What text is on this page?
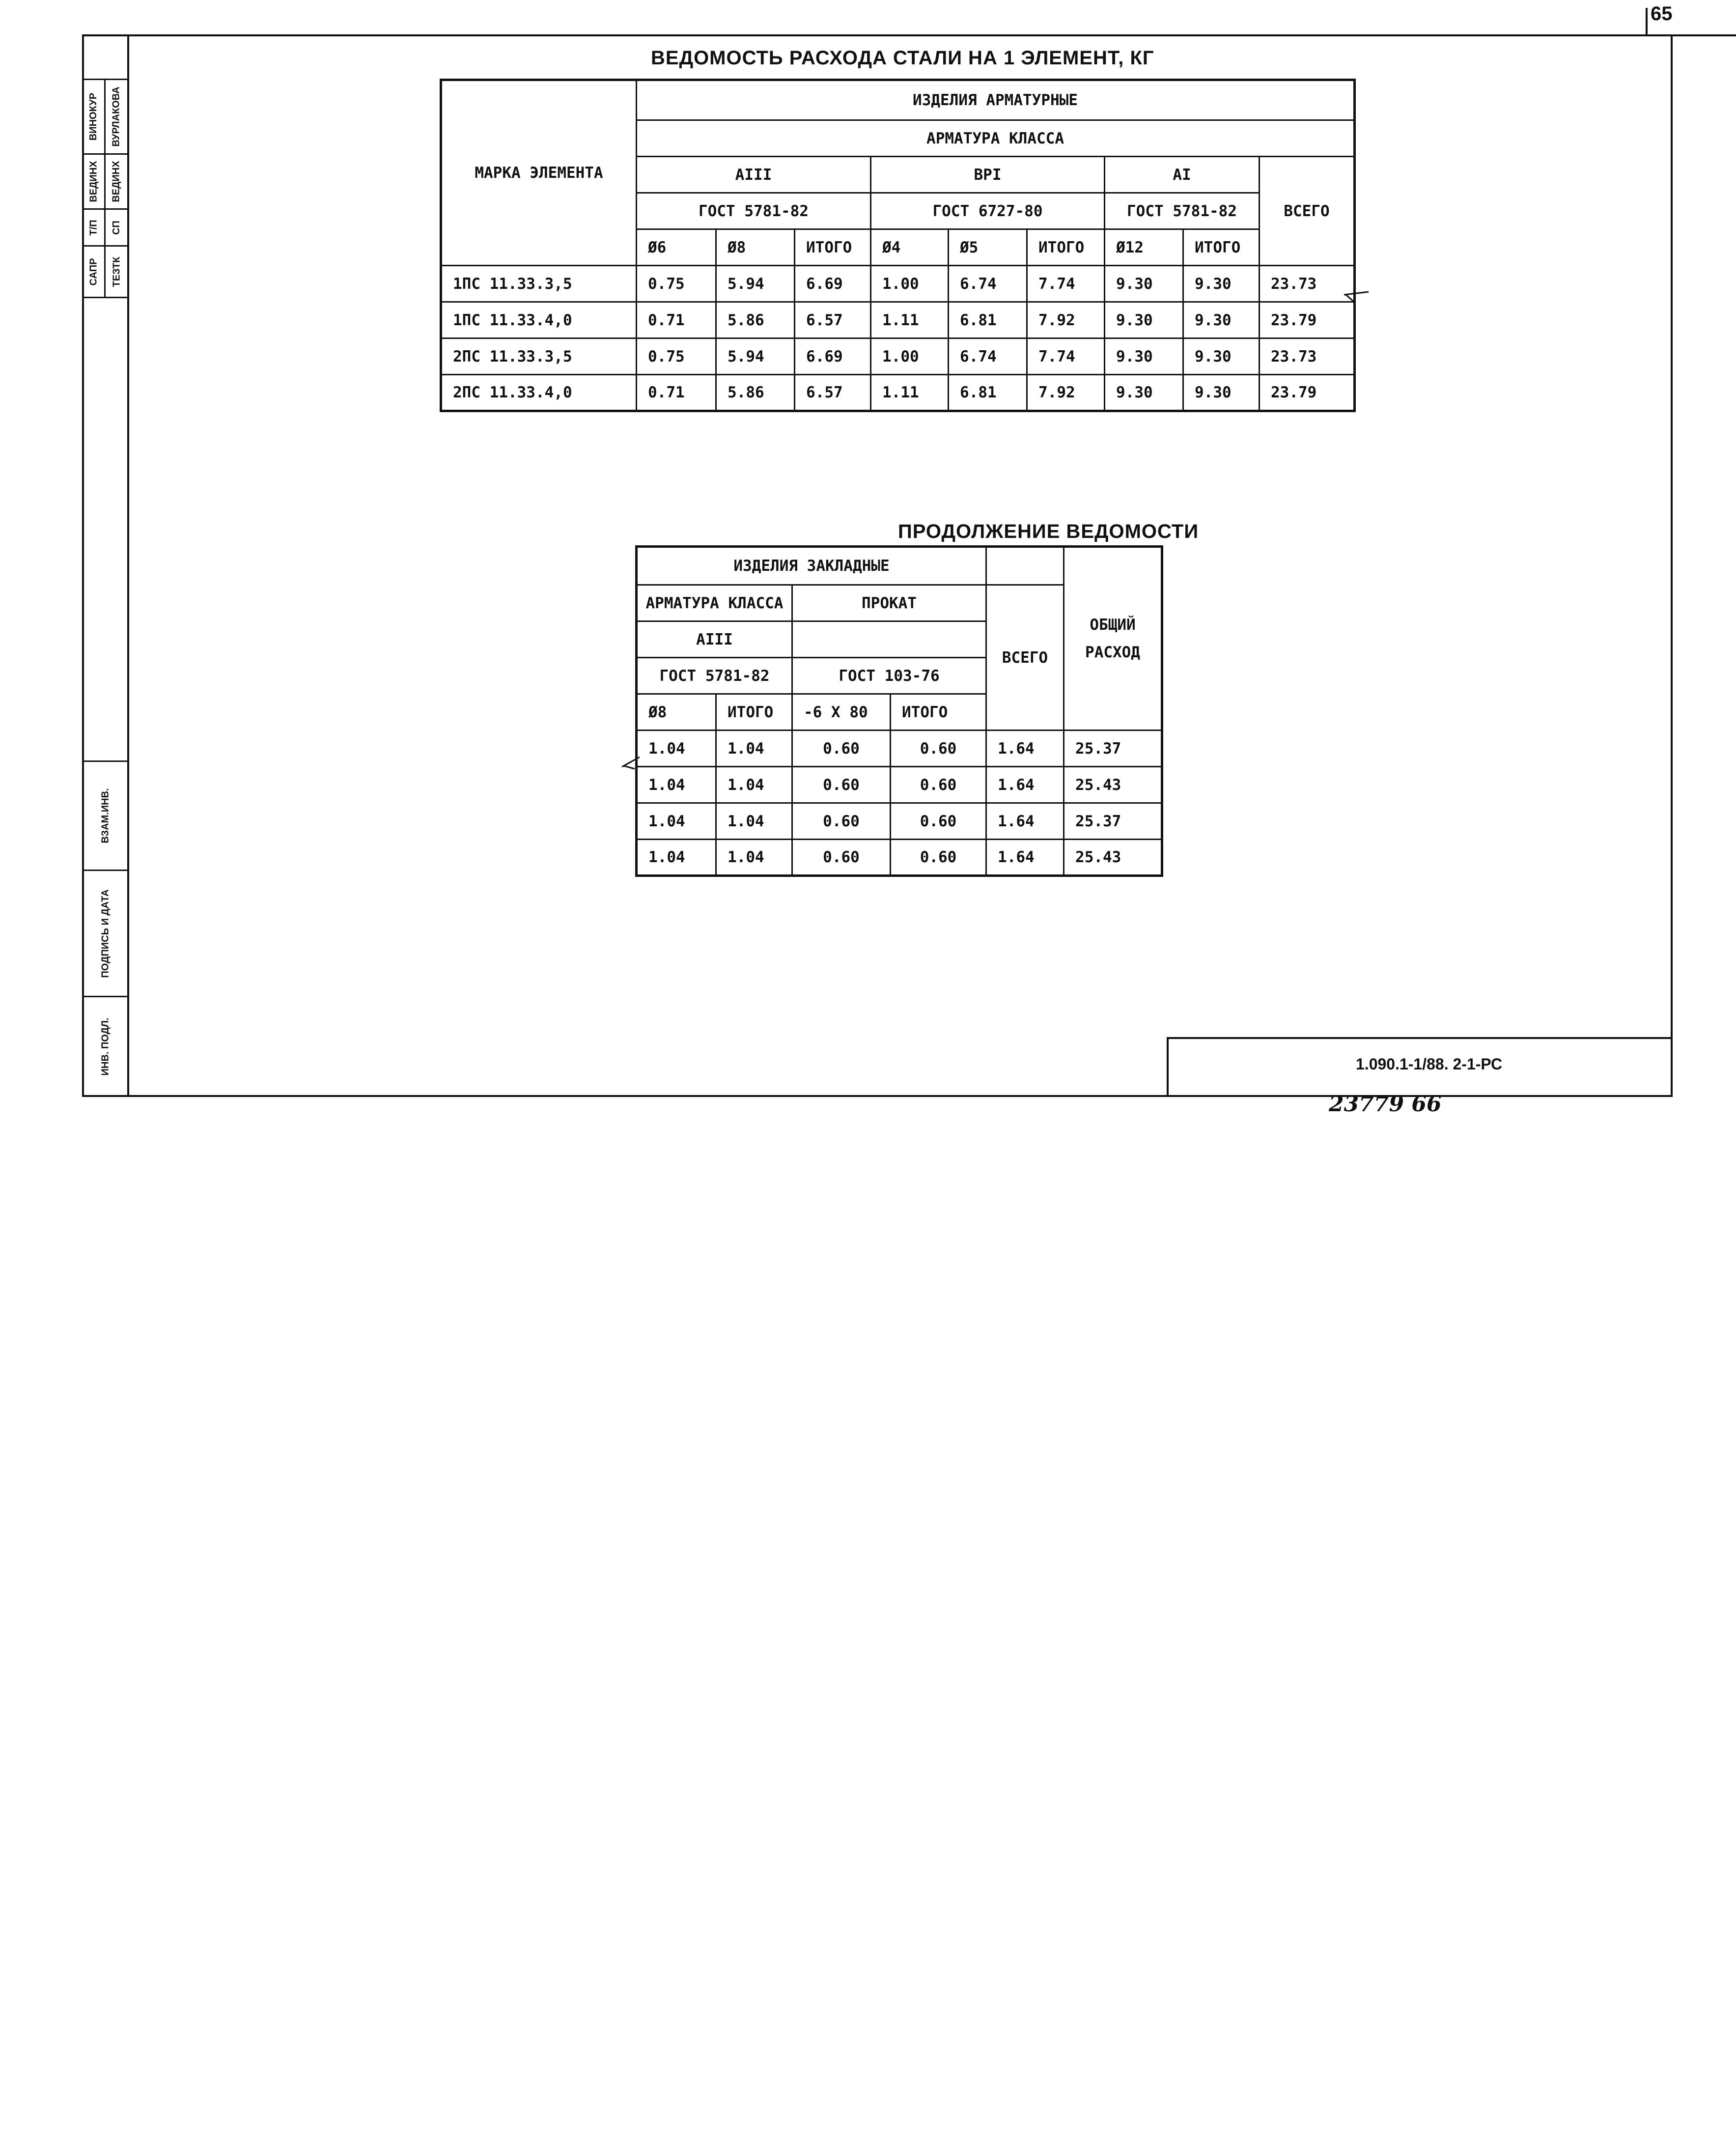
65
ВИНОКУР ВУРЛАКОВА
ВЕДИНХ ВЕДИНХ
Т/П СП
САПР ТЕЗТК
ВЗАМ.ИНВ.
ПОДПИСЬ И ДАТА
ИНВ. ПОДЛ.
ВЕДОМОСТЬ РАСХОДА СТАЛИ НА 1 ЭЛЕМЕНТ, КГ
МАРКА ЭЛЕМЕНТА	ИЗДЕЛИЯ АРМАТУРНЫЕ								
	АРМАТУРА КЛАССА								
	AIII			ВРI			AI		ВСЕГО
	ГОСТ 5781-82			ГОСТ 6727-80			ГОСТ 5781-82		
	Ø6	Ø8	ИТОГО	Ø4	Ø5	ИТОГО	Ø12	ИТОГО	
1ПС 11.33.3,5	0.75	5.94	6.69	1.00	6.74	7.74	9.30	9.30	23.73
1ПС 11.33.4,0	0.71	5.86	6.57	1.11	6.81	7.92	9.30	9.30	23.79
2ПС 11.33.3,5	0.75	5.94	6.69	1.00	6.74	7.74	9.30	9.30	23.73
2ПС 11.33.4,0	0.71	5.86	6.57	1.11	6.81	7.92	9.30	9.30	23.79
ПРОДОЛЖЕНИЕ ВЕДОМОСТИ
ИЗДЕЛИЯ ЗАКЛАДНЫЕ					ОБЩИЙ РАСХОД
АРМАТУРА КЛАССА		ПРОКАТ		ВСЕГО	
AIII					
ГОСТ 5781-82		ГОСТ 103-76			
Ø8	ИТОГО	-6 X 80	ИТОГО		
1.04	1.04	0.60	0.60	1.64	25.37
1.04	1.04	0.60	0.60	1.64	25.43
1.04	1.04	0.60	0.60	1.64	25.37
1.04	1.04	0.60	0.60	1.64	25.43
1.090.1-1/88. 2-1-РС
23779 66
